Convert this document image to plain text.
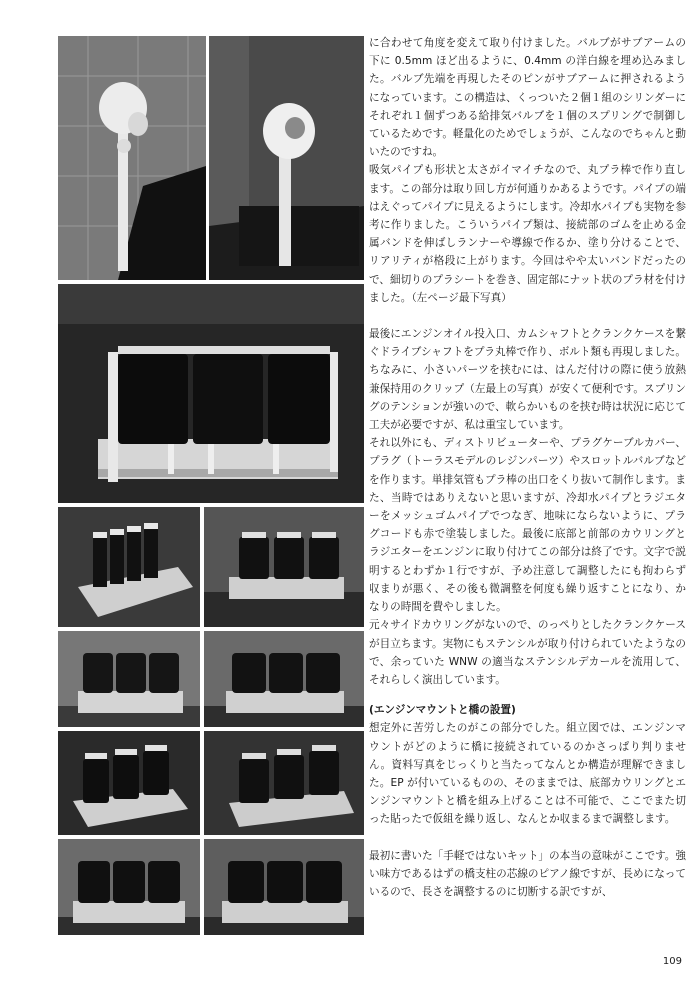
に合わせて角度を変えて取り付けました。バルブがサブアームの下に 0.5mm ほど出るように、0.4mm の洋白線を埋め込みました。バルブ先端を再現したそのピンがサブアームに押されるようになっています。この構造は、くっついた２個１組のシリンダーにそれぞれ１個ずつある給排気バルブを１個のスプリングで制御しているためです。軽量化のためでしょうが、こんなのでちゃんと動いたのですね。

吸気パイプも形状と太さがイマイチなので、丸プラ棒で作り直します。この部分は取り回し方が何通りかあるようです。パイプの端はえぐってパイプに見えるようにします。冷却水パイプも実物を参考に作りました。こういうパイプ類は、接続部のゴムを止める金属バンドを伸ばしランナーや導線で作るか、塗り分けることで、リアリティが格段に上がります。今回はやや太いバンドだったので、細切りのプラシートを巻き、固定部にナット状のプラ材を付けました。（左ページ最下写真）

最後にエンジンオイル投入口、カムシャフトとクランクケースを繋ぐドライブシャフトをプラ丸棒で作り、ボルト類も再現しました。ちなみに、小さいパーツを挟むには、はんだ付けの際に使う放熱兼保持用のクリップ（左最上の写真）が安くて便利です。スプリングのテンションが強いので、軟らかいものを挟む時は状況に応じて工夫が必要ですが、私は重宝しています。

それ以外にも、ディストリビューターや、プラグケーブルカバー、プラグ（トーラスモデルのレジンパーツ）やスロットルバルブなどを作ります。単排気管もプラ棒の出口をくり抜いて制作します。また、当時ではありえないと思いますが、冷却水パイプとラジエターをメッシュゴムパイプでつなぎ、地味にならないように、プラグコードも赤で塗装しました。最後に底部と前部のカウリングとラジエターをエンジンに取り付けてこの部分は終了です。文字で説明するとわずか１行ですが、予め注意して調整したにも拘わらず収まりが悪く、その後も微調整を何度も繰り返すことになり、かなりの時間を費やしました。

元々サイドカウリングがないので、のっぺりとしたクランクケースが目立ちます。実物にもステンシルが取り付けられていたようなので、余っていた WNW の適当なステンシルデカールを流用して、それらしく演出しています。

(エンジンマウントと橋の設置)

想定外に苦労したのがこの部分でした。組立図では、エンジンマウントがどのように橋に接続されているのかさっぱり判りません。資料写真をじっくりと当たってなんとか構造が理解できました。EP が付いているものの、そのままでは、底部カウリングとエンジンマウントと橋を組み上げることは不可能で、ここでまた切った貼ったで仮組を繰り返し、なんとか収まるまで調整します。

最初に書いた「手軽ではないキット」の本当の意味がここです。強い味方であるはずの橋支柱の芯線のピアノ線ですが、長めになっているので、長さを調整するのに切断する訳ですが、

109
